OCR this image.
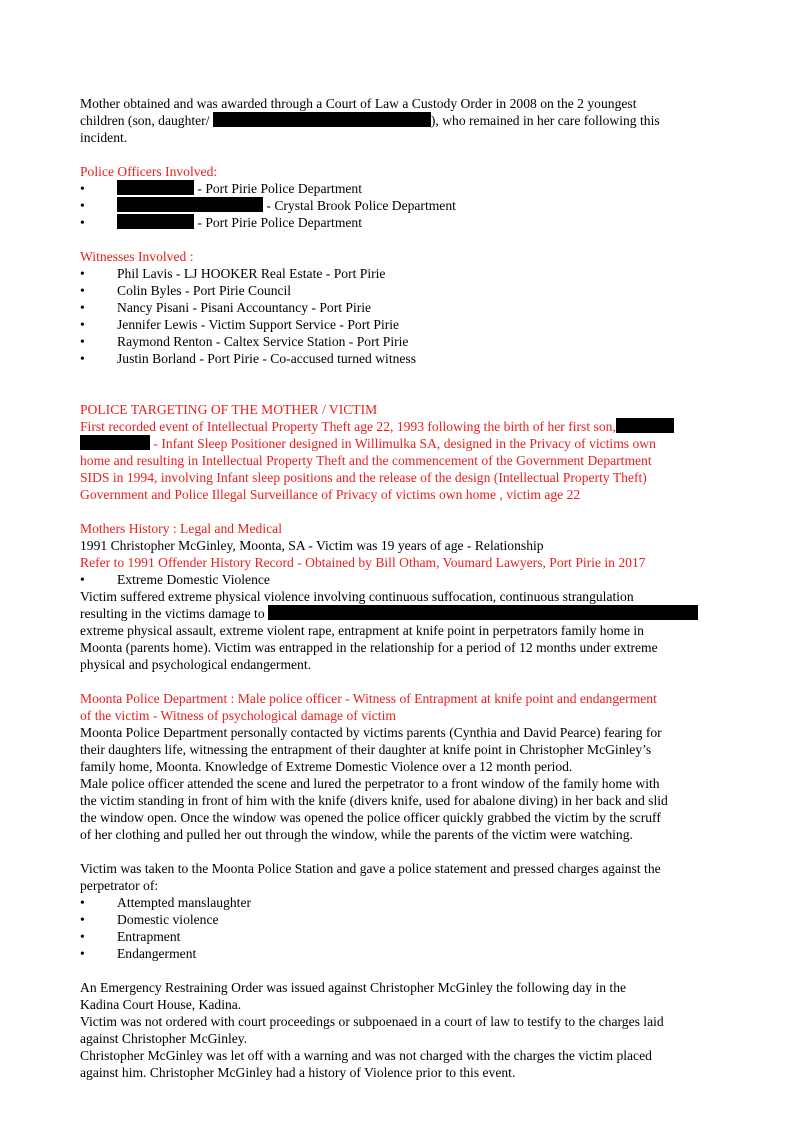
Mother obtained and was awarded through a Court of Law a Custody Order in 2008 on the 2 youngest

children (son, daughter/	), who remained in her care following this

incident.

Police Officers Involved:

• - Port Pirie Police Department
• - Crystal Brook Police Department
• - Port Pirie Police Department

Witnesses Involved :

• Phil Lavis - LJ HOOKER Real Estate - Port Pirie
• Colin Byles - Port Pirie Council
• Nancy Pisani - Pisani Accountancy - Port Pirie
• Jennifer Lewis - Victim Support Service - Port Pirie
• Raymond Renton - Caltex Service Station - Port Pirie
• Justin Borland - Port Pirie - Co-accused turned witness

POLICE TARGETING OF THE MOTHER / VICTIM

First recorded event of Intellectual Property Theft age 22, 1993 following the birth of her first son,

- Infant Sleep Positioner designed in Willimulka SA, designed in the Privacy of victims own

home and resulting in Intellectual Property Theft and the commencement of the Government Department

SIDS in 1994, involving Infant sleep positions and the release of the design (Intellectual Property Theft)

Government and Police Illegal Surveillance of Privacy of victims own home , victim age 22

Mothers History : Legal and Medical

1991 Christopher McGinley, Moonta, SA - Victim was 19 years of age - Relationship

Refer to 1991 Offender History Record - Obtained by Bill Otham, Voumard Lawyers, Port Pirie in 2017

• Extreme Domestic Violence

Victim suffered extreme physical violence involving continuous suffocation, continuous strangulation

resulting in the victims damage to

extreme physical assault, extreme violent rape, entrapment at knife point in perpetrators family home in

Moonta (parents home). Victim was entrapped in the relationship for a period of 12 months under extreme

physical and psychological endangerment.

Moonta Police Department : Male police officer - Witness of Entrapment at knife point and endangerment

of the victim - Witness of psychological damage of victim

Moonta Police Department personally contacted by victims parents (Cynthia and David Pearce) fearing for

their daughters life, witnessing the entrapment of their daughter at knife point in Christopher McGinley’s

family home, Moonta. Knowledge of Extreme Domestic Violence over a 12 month period.

Male police officer attended the scene and lured the perpetrator to a front window of the family home with

the victim standing in front of him with the knife (divers knife, used for abalone diving) in her back and slid

the window open. Once the window was opened the police officer quickly grabbed the victim by the scruff

of her clothing and pulled her out through the window, while the parents of the victim were watching.

Victim was taken to the Moonta Police Station and gave a police statement and pressed charges against the

perpetrator of:

• Attempted manslaughter
• Domestic violence
• Entrapment
• Endangerment

An Emergency Restraining Order was issued against Christopher McGinley the following day in the

Kadina Court House, Kadina.

Victim was not ordered with court proceedings or subpoenaed in a court of law to testify to the charges laid

against Christopher McGinley.

Christopher McGinley was let off with a warning and was not charged with the charges the victim placed

against him. Christopher McGinley had a history of Violence prior to this event.
